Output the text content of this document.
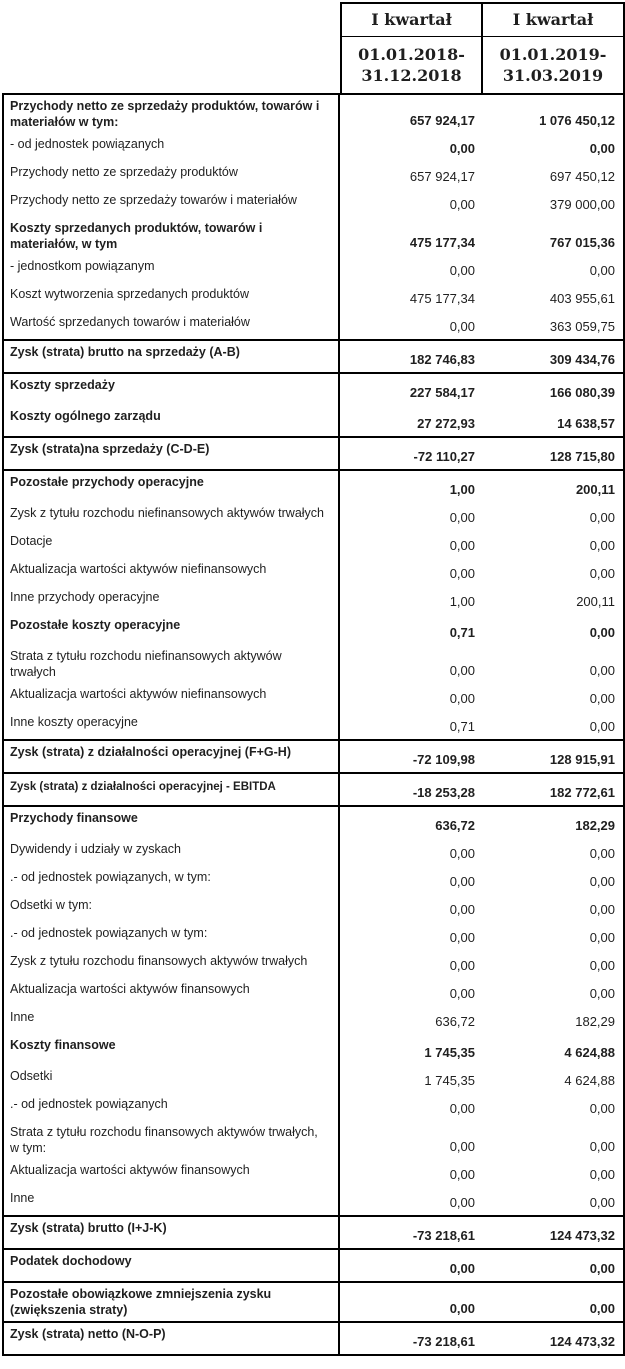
I kwartał
01.01.2018-
31.12.2018
I kwartał
01.01.2019-
31.03.2019
Przychody netto ze sprzedaży produktów, towarów i materiałów w tym:	657 924,17	1 076 450,12
- od jednostek powiązanych	0,00	0,00
Przychody netto ze sprzedaży produktów	657 924,17	697 450,12
Przychody netto ze sprzedaży towarów i materiałów	0,00	379 000,00
Koszty sprzedanych produktów, towarów i materiałów, w tym	475 177,34	767 015,36
- jednostkom powiązanym	0,00	0,00
Koszt wytworzenia sprzedanych produktów	475 177,34	403 955,61
Wartość sprzedanych towarów i materiałów	0,00	363 059,75
Zysk (strata) brutto na sprzedaży (A-B)	182 746,83	309 434,76
Koszty sprzedaży	227 584,17	166 080,39
Koszty ogólnego zarządu	27 272,93	14 638,57
Zysk (strata)na sprzedaży (C-D-E)	-72 110,27	128 715,80
Pozostałe przychody operacyjne	1,00	200,11
Zysk z tytułu rozchodu niefinansowych aktywów trwałych	0,00	0,00
Dotacje	0,00	0,00
Aktualizacja wartości aktywów niefinansowych	0,00	0,00
Inne przychody operacyjne	1,00	200,11
Pozostałe koszty operacyjne	0,71	0,00
Strata z tytułu rozchodu niefinansowych aktywów trwałych	0,00	0,00
Aktualizacja wartości aktywów niefinansowych	0,00	0,00
Inne koszty operacyjne	0,71	0,00
Zysk (strata) z działalności operacyjnej (F+G-H)	-72 109,98	128 915,91
Zysk (strata) z działalności operacyjnej - EBITDA	-18 253,28	182 772,61
Przychody finansowe	636,72	182,29
Dywidendy i udziały w zyskach	0,00	0,00
.- od jednostek powiązanych, w tym:	0,00	0,00
Odsetki w tym:	0,00	0,00
.- od jednostek powiązanych w tym:	0,00	0,00
Zysk z tytułu rozchodu finansowych aktywów trwałych	0,00	0,00
Aktualizacja wartości aktywów finansowych	0,00	0,00
Inne	636,72	182,29
Koszty finansowe	1 745,35	4 624,88
Odsetki	1 745,35	4 624,88
.- od jednostek powiązanych	0,00	0,00
Strata z tytułu rozchodu finansowych aktywów trwałych, w tym:	0,00	0,00
Aktualizacja wartości aktywów finansowych	0,00	0,00
Inne	0,00	0,00
Zysk (strata) brutto (I+J-K)	-73 218,61	124 473,32
Podatek dochodowy	0,00	0,00
Pozostałe obowiązkowe zmniejszenia zysku (zwiększenia straty)	0,00	0,00
Zysk (strata) netto (N-O-P)	-73 218,61	124 473,32
